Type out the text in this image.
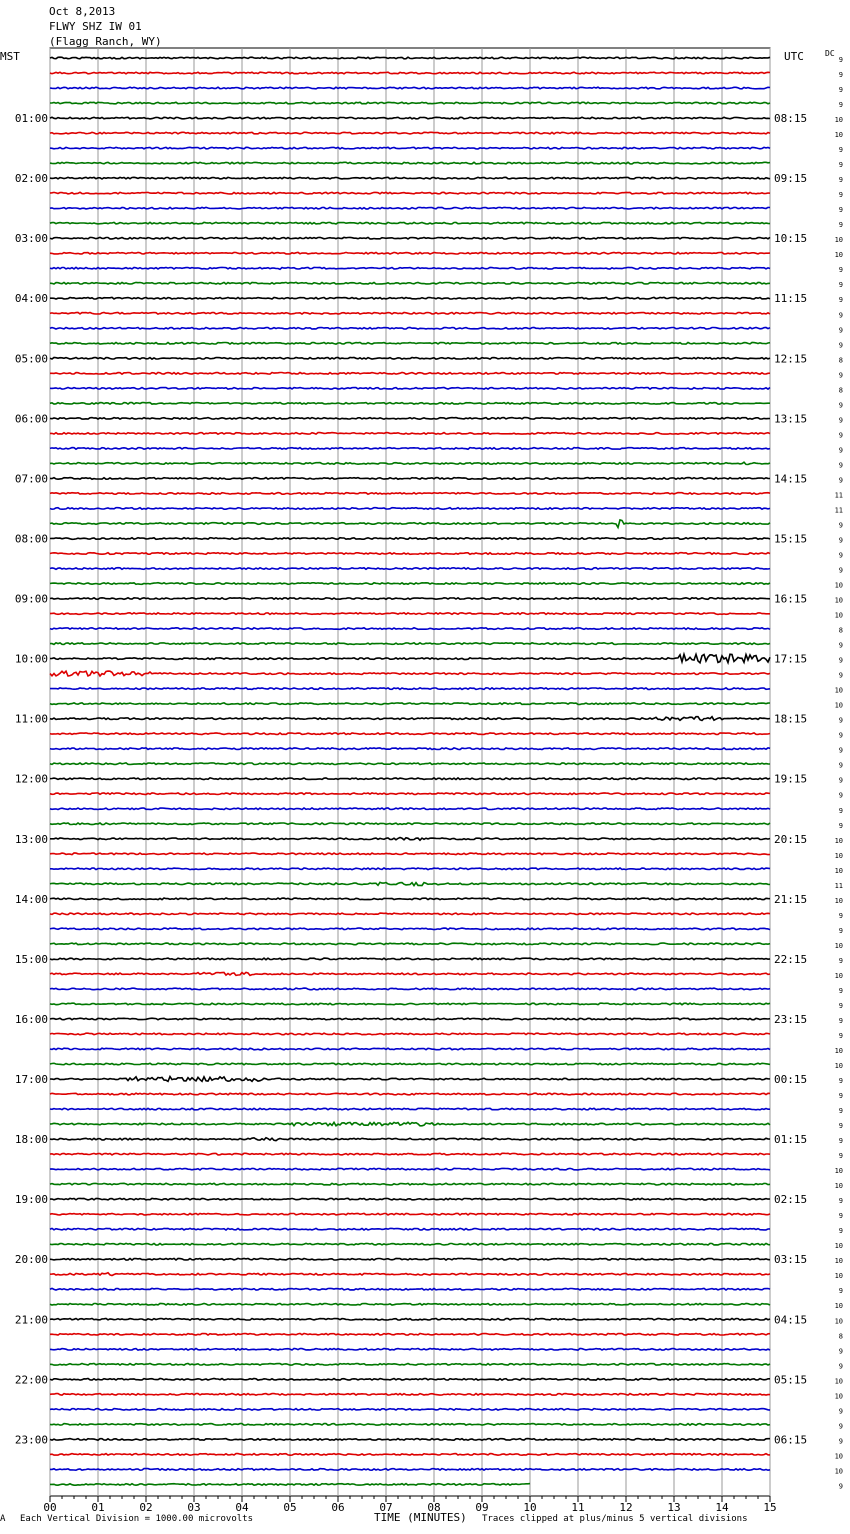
Oct 8,2013
FLWY SHZ IW 01
(Flagg Ranch, WY)
MST	UTC	DC
00	01	02	03	04	05	06	07	08	09	10	11	12	13	14	15
9
9
9
9
01:00	08:15	10
10
9
9
02:00	09:15	9
9
9
9
03:00	10:15	10
10
9
9
04:00	11:15	9
9
9
9
05:00	12:15	8
9
8
9
06:00	13:15	9
9
9
9
07:00	14:15	9
11
11
9
08:00	15:15	9
9
9
10
09:00	16:15	10
10
8
9
10:00	17:15	9
9
10
10
11:00	18:15	9
9
9
9
12:00	19:15	9
9
9
9
13:00	20:15	10
10
10
11
14:00	21:15	10
9
9
10
15:00	22:15	9
10
9
9
16:00	23:15	9
9
10
10
17:00	00:15	9
9
9
9
18:00	01:15	9
9
10
10
19:00	02:15	9
9
9
10
20:00	03:15	10
10
9
10
21:00	04:15	10
8
9
9
22:00	05:15	10
10
9
9
23:00	06:15	9
10
10
9
A Each Vertical Division = 1000.00 microvolts	TIME (MINUTES) Traces clipped at plus/minus 5 vertical divisions
